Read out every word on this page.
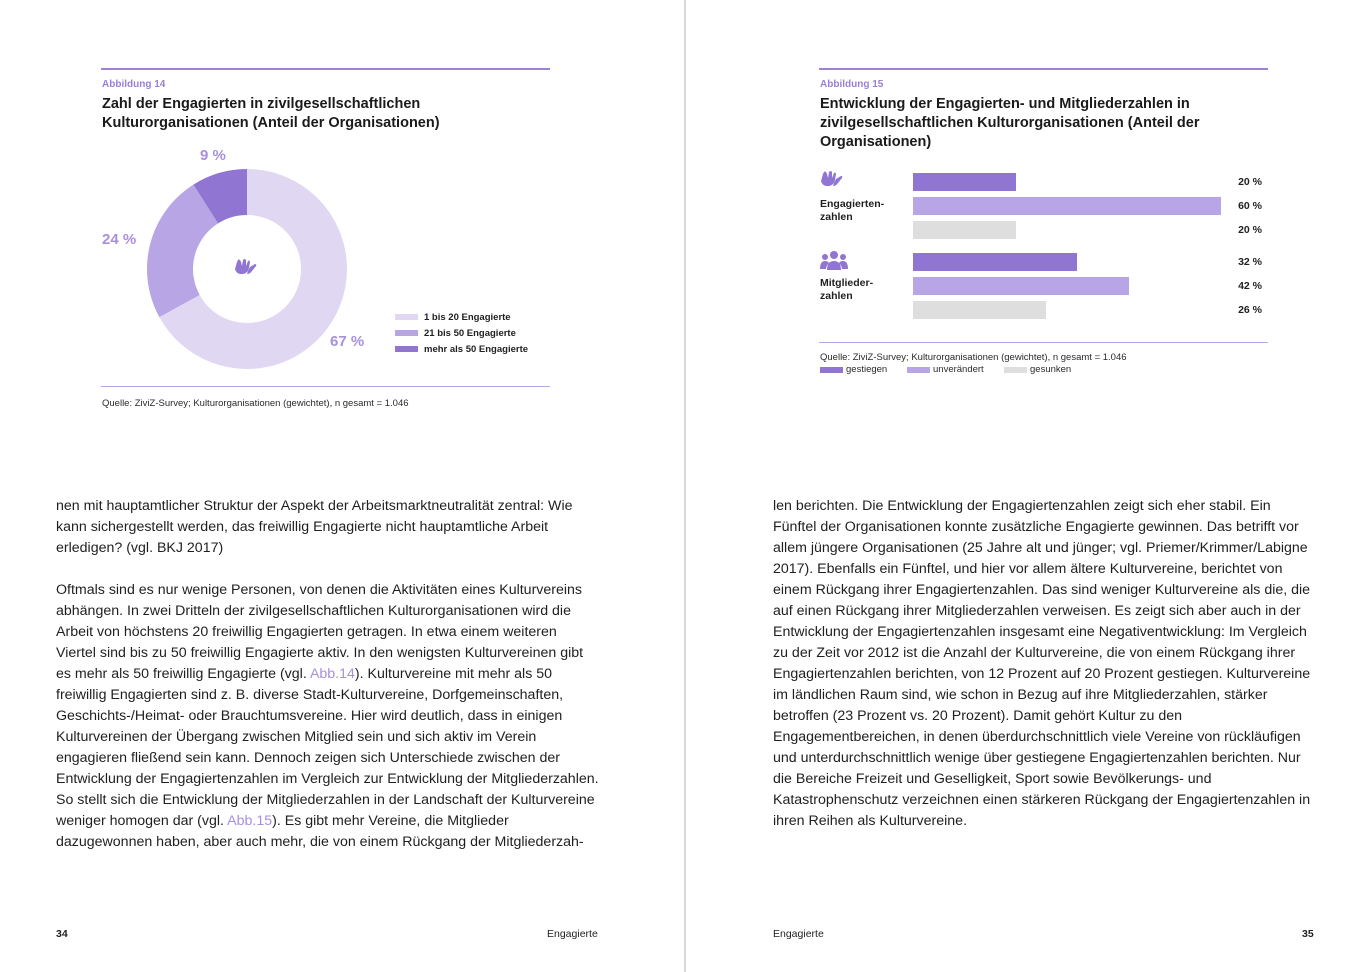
Abbildung 14
Zahl der Engagierten in zivilgesellschaftlichen Kulturorganisationen (Anteil der Organisationen)
67 %
24 %
9 %
1 bis 20 Engagierte
21 bis 50 Engagierte
mehr als 50 Engagierte
Quelle: ZiviZ-Survey; Kulturorganisationen (gewichtet), n gesamt = 1.046
Abbildung 15
Entwicklung der Engagierten- und Mitgliederzahlen in zivilgesellschaftlichen Kulturorganisationen (Anteil der Organisationen)
Engagierten-
zahlen
Mitglieder-
zahlen
20 %
60 %
20 %
32 %
42 %
26 %
Quelle: ZiviZ-Survey; Kulturorganisationen (gewichtet), n gesamt = 1.046
gestiegen	unverändert	gesunken

nen mit hauptamtlicher Struktur der Aspekt der Arbeitsmarktneutralität zentral: Wie kann sichergestellt werden, das freiwillig Engagierte nicht hauptamtliche Arbeit erledigen? (vgl. BKJ 2017)

Oftmals sind es nur wenige Personen, von denen die Aktivitäten eines Kulturvereins abhängen. In zwei Dritteln der zivilgesellschaftlichen Kulturorganisationen wird die Arbeit von höchstens 20 freiwillig Engagierten getragen. In etwa einem weiteren Viertel sind bis zu 50 freiwillig Engagierte aktiv. In den wenigsten Kulturvereinen gibt es mehr als 50 freiwillig Engagierte (vgl. Abb.14). Kulturvereine mit mehr als 50 freiwillig Engagierten sind z. B. diverse Stadt-Kulturvereine, Dorfgemeinschaften, Geschichts-/Heimat- oder Brauchtumsvereine. Hier wird deutlich, dass in einigen Kulturvereinen der Übergang zwischen Mitglied sein und sich aktiv im Verein engagieren fließend sein kann. Dennoch zeigen sich Unterschiede zwischen der Entwicklung der Engagiertenzahlen im Vergleich zur Entwicklung der Mitgliederzahlen. So stellt sich die Entwicklung der Mitgliederzahlen in der Landschaft der Kulturvereine weniger homogen dar (vgl. Abb.15). Es gibt mehr Vereine, die Mitglieder dazugewonnen haben, aber auch mehr, die von einem Rückgang der Mitgliederzah-

len berichten. Die Entwicklung der Engagiertenzahlen zeigt sich eher stabil. Ein Fünftel der Organisationen konnte zusätzliche Engagierte gewinnen. Das betrifft vor allem jüngere Organisationen (25 Jahre alt und jünger; vgl. Priemer/Krimmer/Labigne 2017). Ebenfalls ein Fünftel, und hier vor allem ältere Kulturvereine, berichtet von einem Rückgang ihrer Engagiertenzahlen. Das sind weniger Kulturvereine als die, die auf einen Rückgang ihrer Mitgliederzahlen verweisen. Es zeigt sich aber auch in der Entwicklung der Engagiertenzahlen insgesamt eine Negativentwicklung: Im Vergleich zu der Zeit vor 2012 ist die Anzahl der Kulturvereine, die von einem Rückgang ihrer Engagiertenzahlen berichten, von 12 Prozent auf 20 Prozent gestiegen. Kulturvereine im ländlichen Raum sind, wie schon in Bezug auf ihre Mitgliederzahlen, stärker betroffen (23 Prozent vs. 20 Prozent). Damit gehört Kultur zu den Engagementbereichen, in denen überdurchschnittlich viele Vereine von rückläufigen und unterdurchschnittlich wenige über gestiegene Engagiertenzahlen berichten. Nur die Bereiche Freizeit und Geselligkeit, Sport sowie Bevölkerungs- und Katastrophenschutz verzeichnen einen stärkeren Rückgang der Engagiertenzahlen in ihren Reihen als Kulturvereine.

34	Engagierte	Engagierte	35
